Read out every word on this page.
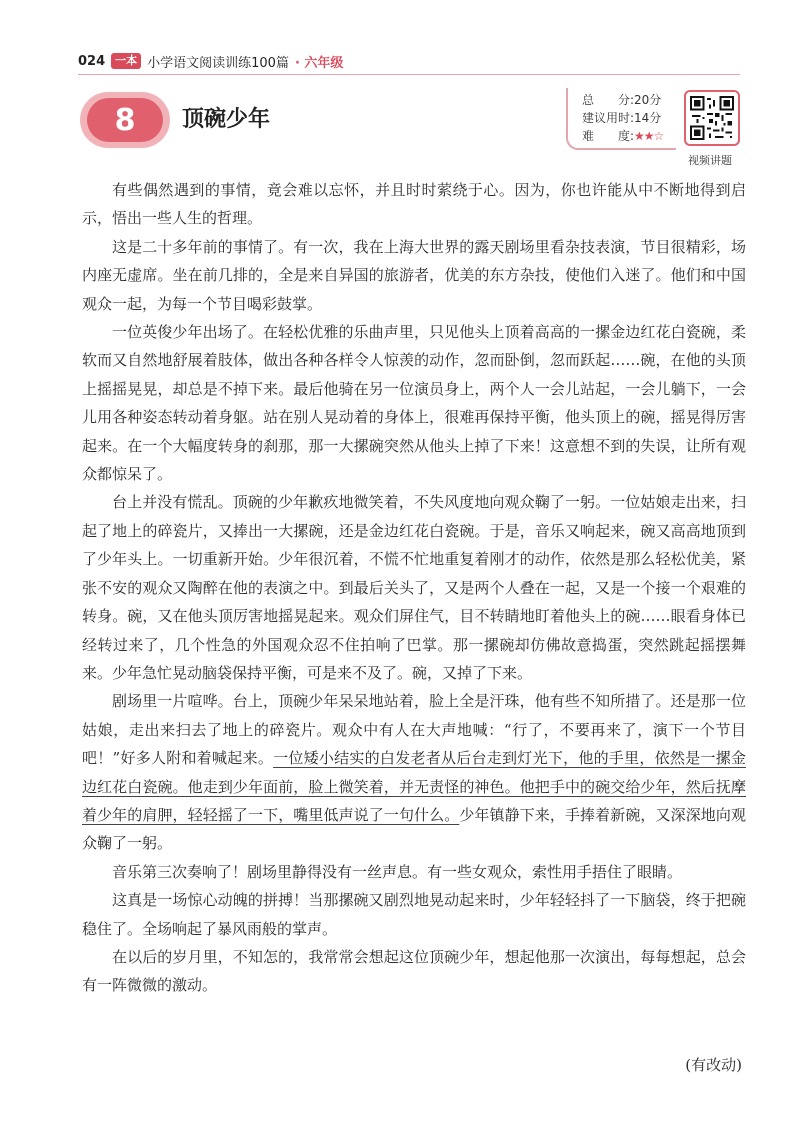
024 一本 小学语文阅读训练100篇 · 六年级
8	顶碗少年
总　　分: 20分
建议用时: 14分
难　　度: ★★☆
视频讲题

有些偶然遇到的事情，竟会难以忘怀，并且时时萦绕于心。因为，你也许能从中不断地得到启示，悟出一些人生的哲理。

这是二十多年前的事情了。有一次，我在上海大世界的露天剧场里看杂技表演，节目很精彩，场内座无虚席。坐在前几排的，全是来自异国的旅游者，优美的东方杂技，使他们入迷了。他们和中国观众一起，为每一个节目喝彩鼓掌。

一位英俊少年出场了。在轻松优雅的乐曲声里，只见他头上顶着高高的一摞金边红花白瓷碗，柔软而又自然地舒展着肢体，做出各种各样令人惊羡的动作，忽而卧倒，忽而跃起……碗，在他的头顶上摇摇晃晃，却总是不掉下来。最后他骑在另一位演员身上，两个人一会儿站起，一会儿躺下，一会儿用各种姿态转动着身躯。站在别人晃动着的身体上，很难再保持平衡，他头顶上的碗，摇晃得厉害起来。在一个大幅度转身的刹那，那一大摞碗突然从他头上掉了下来！这意想不到的失误，让所有观众都惊呆了。

台上并没有慌乱。顶碗的少年歉疚地微笑着，不失风度地向观众鞠了一躬。一位姑娘走出来，扫起了地上的碎瓷片，又捧出一大摞碗，还是金边红花白瓷碗。于是，音乐又响起来，碗又高高地顶到了少年头上。一切重新开始。少年很沉着，不慌不忙地重复着刚才的动作，依然是那么轻松优美，紧张不安的观众又陶醉在他的表演之中。到最后关头了，又是两个人叠在一起，又是一个接一个艰难的转身。碗，又在他头顶厉害地摇晃起来。观众们屏住气，目不转睛地盯着他头上的碗……眼看身体已经转过来了，几个性急的外国观众忍不住拍响了巴掌。那一摞碗却仿佛故意捣蛋，突然跳起摇摆舞来。少年急忙晃动脑袋保持平衡，可是来不及了。碗，又掉了下来。

剧场里一片喧哗。台上，顶碗少年呆呆地站着，脸上全是汗珠，他有些不知所措了。还是那一位姑娘，走出来扫去了地上的碎瓷片。观众中有人在大声地喊：“行了，不要再来了，演下一个节目吧！”好多人附和着喊起来。一位矮小结实的白发老者从后台走到灯光下，他的手里，依然是一摞金边红花白瓷碗。他走到少年面前，脸上微笑着，并无责怪的神色。他把手中的碗交给少年，然后抚摩着少年的肩胛，轻轻摇了一下，嘴里低声说了一句什么。少年镇静下来，手捧着新碗，又深深地向观众鞠了一躬。

音乐第三次奏响了！剧场里静得没有一丝声息。有一些女观众，索性用手捂住了眼睛。

这真是一场惊心动魄的拼搏！当那摞碗又剧烈地晃动起来时，少年轻轻抖了一下脑袋，终于把碗稳住了。全场响起了暴风雨般的掌声。

在以后的岁月里，不知怎的，我常常会想起这位顶碗少年，想起他那一次演出，每每想起，总会有一阵微微的激动。

(有改动)
